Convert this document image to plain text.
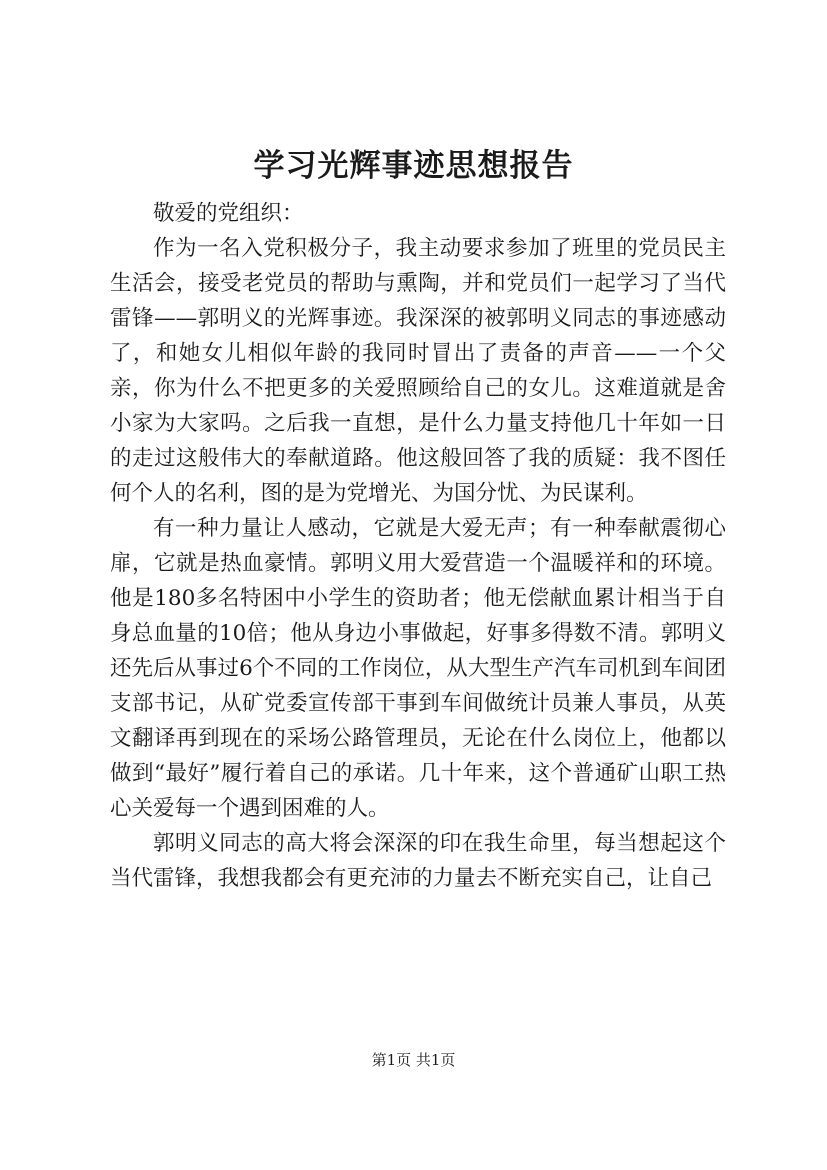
学习光辉事迹思想报告

敬爱的党组织：

作为一名入党积极分子，我主动要求参加了班里的党员民主生活会，接受老党员的帮助与熏陶，并和党员们一起学习了当代雷锋——郭明义的光辉事迹。我深深的被郭明义同志的事迹感动了，和她女儿相似年龄的我同时冒出了责备的声音——一个父亲，你为什么不把更多的关爱照顾给自己的女儿。这难道就是舍小家为大家吗。之后我一直想，是什么力量支持他几十年如一日的走过这般伟大的奉献道路。他这般回答了我的质疑：我不图任何个人的名利，图的是为党增光、为国分忧、为民谋利。

有一种力量让人感动，它就是大爱无声；有一种奉献震彻心扉，它就是热血豪情。郭明义用大爱营造一个温暖祥和的环境。他是180多名特困中小学生的资助者；他无偿献血累计相当于自身总血量的10倍；他从身边小事做起，好事多得数不清。郭明义还先后从事过6个不同的工作岗位，从大型生产汽车司机到车间团支部书记，从矿党委宣传部干事到车间做统计员兼人事员，从英文翻译再到现在的采场公路管理员，无论在什么岗位上，他都以做到“最好”履行着自己的承诺。几十年来，这个普通矿山职工热心关爱每一个遇到困难的人。

郭明义同志的高大将会深深的印在我生命里，每当想起这个当代雷锋，我想我都会有更充沛的力量去不断充实自己，让自己

第1页 共1页
